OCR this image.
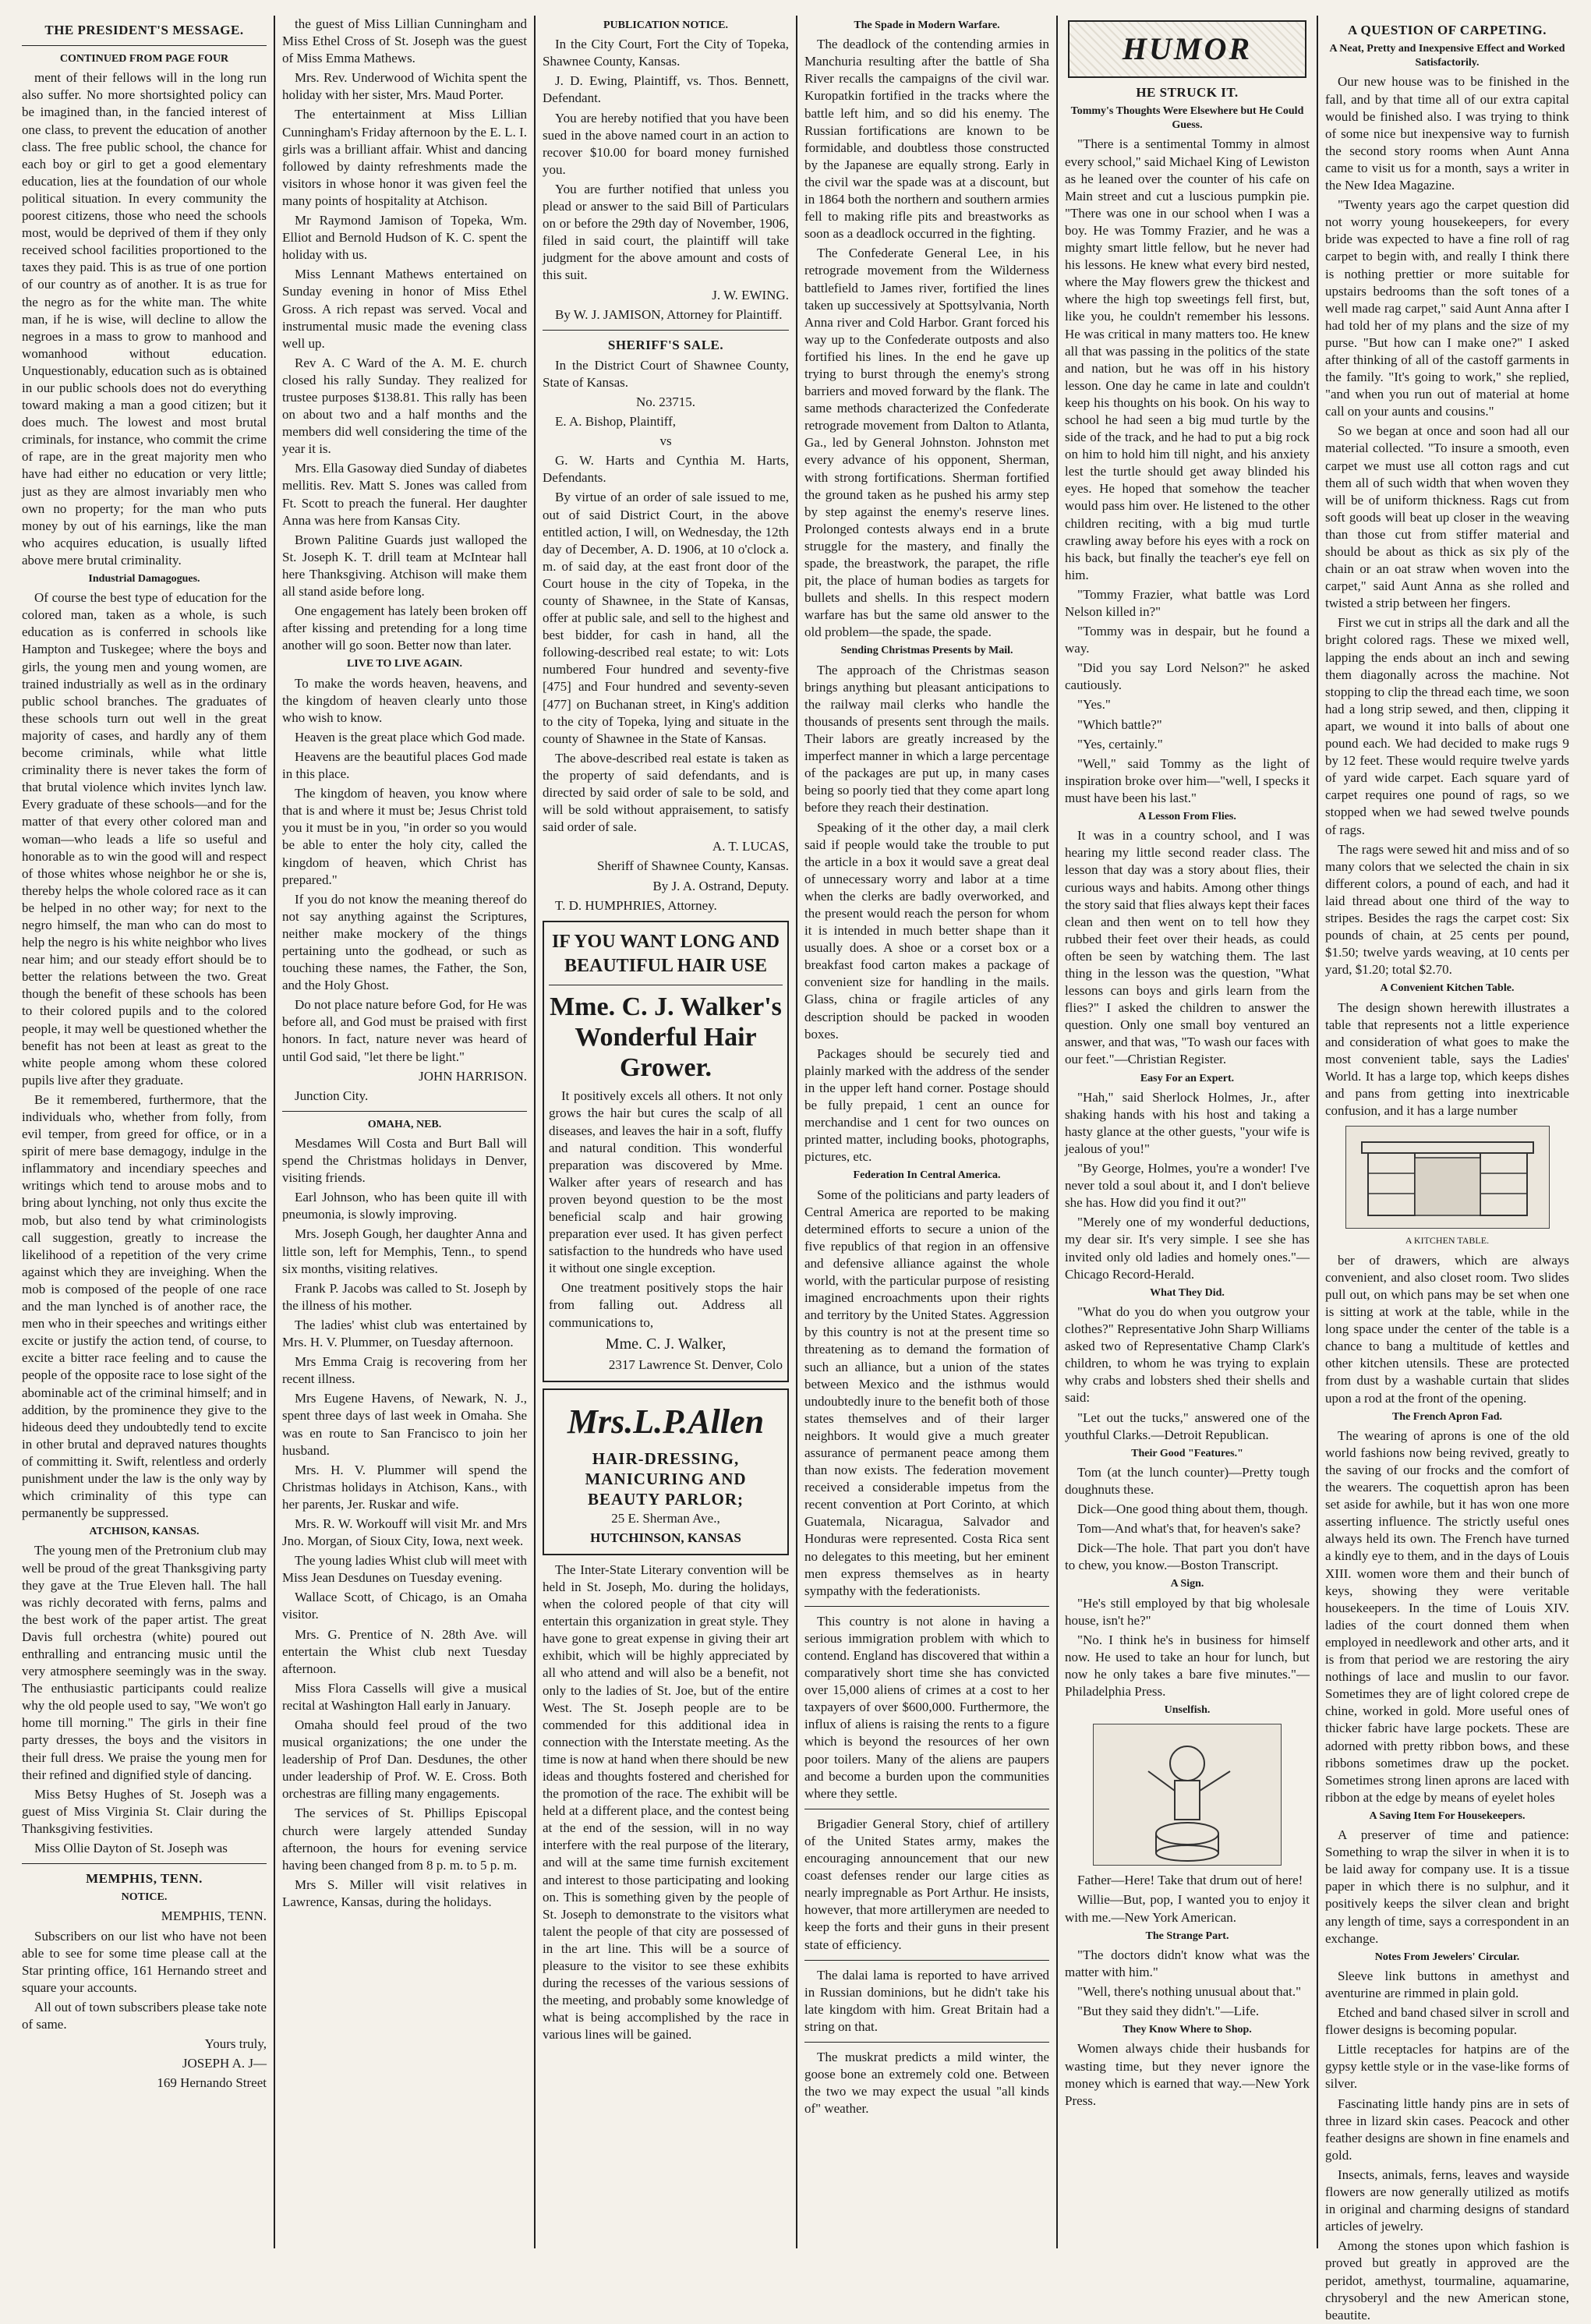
THE PRESIDENT'S MESSAGE.
CONTINUED FROM PAGE FOUR

ment of their fellows will in the long run also suffer. No more shortsighted policy can be imagined than, in the fancied interest of one class, to prevent the education of another class. The free public school, the chance for each boy or girl to get a good elementary education, lies at the foundation of our whole political situation. In every community the poorest citizens, those who need the schools most, would be deprived of them if they only received school facilities proportioned to the taxes they paid. This is as true of one portion of our country as of another. It is as true for the negro as for the white man. The white man, if he is wise, will decline to allow the negroes in a mass to grow to manhood and womanhood without education. Unquestionably, education such as is obtained in our public schools does not do everything toward making a man a good citizen; but it does much. The lowest and most brutal criminals, for instance, who commit the crime of rape, are in the great majority men who have had either no education or very little; just as they are almost invariably men who own no property; for the man who puts money by out of his earnings, like the man who acquires education, is usually lifted above mere brutal criminality.

Industrial Damagogues.

Of course the best type of education for the colored man, taken as a whole, is such education as is conferred in schools like Hampton and Tuskegee; where the boys and girls, the young men and young women, are trained industrially as well as in the ordinary public school branches. The graduates of these schools turn out well in the great majority of cases, and hardly any of them become criminals, while what little criminality there is never takes the form of that brutal violence which invites lynch law. Every graduate of these schools—and for the matter of that every other colored man and woman—who leads a life so useful and honorable as to win the good will and respect of those whites whose neighbor he or she is, thereby helps the whole colored race as it can be helped in no other way; for next to the negro himself, the man who can do most to help the negro is his white neighbor who lives near him; and our steady effort should be to better the relations between the two. Great though the benefit of these schools has been to their colored pupils and to the colored people, it may well be questioned whether the benefit has not been at least as great to the white people among whom these colored pupils live after they graduate.

Be it remembered, furthermore, that the individuals who, whether from folly, from evil temper, from greed for office, or in a spirit of mere base demagogy, indulge in the inflammatory and incendiary speeches and writings which tend to arouse mobs and to bring about lynching, not only thus excite the mob, but also tend by what criminologists call suggestion, greatly to increase the likelihood of a repetition of the very crime against which they are inveighing. When the mob is composed of the people of one race and the man lynched is of another race, the men who in their speeches and writings either excite or justify the action tend, of course, to excite a bitter race feeling and to cause the people of the opposite race to lose sight of the abominable act of the criminal himself; and in addition, by the prominence they give to the hideous deed they undoubtedly tend to excite in other brutal and depraved natures thoughts of committing it. Swift, relentless and orderly punishment under the law is the only way by which criminality of this type can permanently be suppressed.

ATCHISON, KANSAS.

The young men of the Pretronium club may well be proud of the great Thanksgiving party they gave at the True Eleven hall. The hall was richly decorated with ferns, palms and the best work of the paper artist. The great Davis full orchestra (white) poured out enthralling and entrancing music until the very atmosphere seemingly was in the sway. The enthusiastic participants could realize why the old people used to say, "We won't go home till morning." The girls in their fine party dresses, the boys and the visitors in their full dress. We praise the young men for their refined and dignified style of dancing.

Miss Betsy Hughes of St. Joseph was a guest of Miss Virginia St. Clair during the Thanksgiving festivities.

Miss Ollie Dayton of St. Joseph was

MEMPHIS, TENN.
NOTICE.

MEMPHIS, TENN.

Subscribers on our list who have not been able to see for some time please call at the Star printing office, 161 Hernando street and square your accounts.

All out of town subscribers please take note of same.

Yours truly,

JOSEPH A. J—

169 Hernando Street

the guest of Miss Lillian Cunningham and Miss Ethel Cross of St. Joseph was the guest of Miss Emma Mathews.

Mrs. Rev. Underwood of Wichita spent the holiday with her sister, Mrs. Maud Porter.

The entertainment at Miss Lillian Cunningham's Friday afternoon by the E. L. I. girls was a brilliant affair. Whist and dancing followed by dainty refreshments made the visitors in whose honor it was given feel the many points of hospitality at Atchison.

Mr Raymond Jamison of Topeka, Wm. Elliot and Bernold Hudson of K. C. spent the holiday with us.

Miss Lennant Mathews entertained on Sunday evening in honor of Miss Ethel Gross. A rich repast was served. Vocal and instrumental music made the evening class well up.

Rev A. C Ward of the A. M. E. church closed his rally Sunday. They realized for trustee purposes $138.81. This rally has been on about two and a half months and the members did well considering the time of the year it is.

Mrs. Ella Gasoway died Sunday of diabetes mellitis. Rev. Matt S. Jones was called from Ft. Scott to preach the funeral. Her daughter Anna was here from Kansas City.

Brown Palitine Guards just walloped the St. Joseph K. T. drill team at McIntear hall here Thanksgiving. Atchison will make them all stand aside before long.

One engagement has lately been broken off after kissing and pretending for a long time another will go soon. Better now than later.

LIVE TO LIVE AGAIN.

To make the words heaven, heavens, and the kingdom of heaven clearly unto those who wish to know.

Heaven is the great place which God made.

Heavens are the beautiful places God made in this place.

The kingdom of heaven, you know where that is and where it must be; Jesus Christ told you it must be in you, "in order so you would be able to enter the holy city, called the kingdom of heaven, which Christ has prepared."

If you do not know the meaning thereof do not say anything against the Scriptures, neither make mockery of the things pertaining unto the godhead, or such as touching these names, the Father, the Son, and the Holy Ghost.

Do not place nature before God, for He was before all, and God must be praised with first honors. In fact, nature never was heard of until God said, "let there be light."

JOHN HARRISON.

Junction City.

OMAHA, NEB.

Mesdames Will Costa and Burt Ball will spend the Christmas holidays in Denver, visiting friends.

Earl Johnson, who has been quite ill with pneumonia, is slowly improving.

Mrs. Joseph Gough, her daughter Anna and little son, left for Memphis, Tenn., to spend six months, visiting relatives.

Frank P. Jacobs was called to St. Joseph by the illness of his mother.

The ladies' whist club was entertained by Mrs. H. V. Plummer, on Tuesday afternoon.

Mrs Emma Craig is recovering from her recent illness.

Mrs Eugene Havens, of Newark, N. J., spent three days of last week in Omaha. She was en route to San Francisco to join her husband.

Mrs. H. V. Plummer will spend the Christmas holidays in Atchison, Kans., with her parents, Jer. Ruskar and wife.

Mrs. R. W. Workouff will visit Mr. and Mrs Jno. Morgan, of Sioux City, Iowa, next week.

The young ladies Whist club will meet with Miss Jean Desdunes on Tuesday evening.

Wallace Scott, of Chicago, is an Omaha visitor.

Mrs. G. Prentice of N. 28th Ave. will entertain the Whist club next Tuesday afternoon.

Miss Flora Cassells will give a musical recital at Washington Hall early in January.

Omaha should feel proud of the two musical organizations; the one under the leadership of Prof Dan. Desdunes, the other under leadership of Prof. W. E. Cross. Both orchestras are filling many engagements.

The services of St. Phillips Episcopal church were largely attended Sunday afternoon, the hours for evening service having been changed from 8 p. m. to 5 p. m.

Mrs S. Miller will visit relatives in Lawrence, Kansas, during the holidays.

PUBLICATION NOTICE.

In the City Court, Fort the City of Topeka, Shawnee County, Kansas.

J. D. Ewing, Plaintiff, vs. Thos. Bennett, Defendant.

You are hereby notified that you have been sued in the above named court in an action to recover $10.00 for board money furnished you.

You are further notified that unless you plead or answer to the said Bill of Particulars on or before the 29th day of November, 1906, filed in said court, the plaintiff will take judgment for the above amount and costs of this suit.

J. W. EWING.

By W. J. JAMISON, Attorney for Plaintiff.

SHERIFF'S SALE.

In the District Court of Shawnee County, State of Kansas.

No. 23715.

E. A. Bishop, Plaintiff,

vs

G. W. Harts and Cynthia M. Harts, Defendants.

By virtue of an order of sale issued to me, out of said District Court, in the above entitled action, I will, on Wednesday, the 12th day of December, A. D. 1906, at 10 o'clock a. m. of said day, at the east front door of the Court house in the city of Topeka, in the county of Shawnee, in the State of Kansas, offer at public sale, and sell to the highest and best bidder, for cash in hand, all the following-described real estate; to wit: Lots numbered Four hundred and seventy-five [475] and Four hundred and seventy-seven [477] on Buchanan street, in King's addition to the city of Topeka, lying and situate in the county of Shawnee in the State of Kansas.

The above-described real estate is taken as the property of said defendants, and is directed by said order of sale to be sold, and will be sold without appraisement, to satisfy said order of sale.

A. T. LUCAS,

Sheriff of Shawnee County, Kansas.

By J. A. Ostrand, Deputy.

T. D. HUMPHRIES, Attorney.

IF YOU WANT LONG AND BEAUTIFUL HAIR USE
Mme. C. J. Walker's Wonderful Hair Grower.

It positively excels all others. It not only grows the hair but cures the scalp of all diseases, and leaves the hair in a soft, fluffy and natural condition. This wonderful preparation was discovered by Mme. Walker after years of research and has proven beyond question to be the most beneficial scalp and hair growing preparation ever used. It has given perfect satisfaction to the hundreds who have used it without one single exception.

One treatment positively stops the hair from falling out. Address all communications to,

Mme. C. J. Walker,

2317 Lawrence St. Denver, Colo

Mrs.L.P.Allen
HAIR-DRESSING, MANICURING AND BEAUTY PARLOR;

25 E. Sherman Ave.,

HUTCHINSON, KANSAS

The Inter-State Literary convention will be held in St. Joseph, Mo. during the holidays, when the colored people of that city will entertain this organization in great style. They have gone to great expense in giving their art exhibit, which will be highly appreciated by all who attend and will also be a benefit, not only to the ladies of St. Joe, but of the entire West. The St. Joseph people are to be commended for this additional idea in connection with the Interstate meeting. As the time is now at hand when there should be new ideas and thoughts fostered and cherished for the promotion of the race. The exhibit will be held at a different place, and the contest being at the end of the session, will in no way interfere with the real purpose of the literary, and will at the same time furnish excitement and interest to those participating and looking on. This is something given by the people of St. Joseph to demonstrate to the visitors what talent the people of that city are possessed of in the art line. This will be a source of pleasure to the visitor to see these exhibits during the recesses of the various sessions of the meeting, and probably some knowledge of what is being accomplished by the race in various lines will be gained.

The Spade in Modern Warfare.

The deadlock of the contending armies in Manchuria resulting after the battle of Sha River recalls the campaigns of the civil war. Kuropatkin fortified in the tracks where the battle left him, and so did his enemy. The Russian fortifications are known to be formidable, and doubtless those constructed by the Japanese are equally strong. Early in the civil war the spade was at a discount, but in 1864 both the northern and southern armies fell to making rifle pits and breastworks as soon as a deadlock occurred in the fighting.

The Confederate General Lee, in his retrograde movement from the Wilderness battlefield to James river, fortified the lines taken up successively at Spottsylvania, North Anna river and Cold Harbor. Grant forced his way up to the Confederate outposts and also fortified his lines. In the end he gave up trying to burst through the enemy's strong barriers and moved forward by the flank. The same methods characterized the Confederate retrograde movement from Dalton to Atlanta, Ga., led by General Johnston. Johnston met every advance of his opponent, Sherman, with strong fortifications. Sherman fortified the ground taken as he pushed his army step by step against the enemy's reserve lines. Prolonged contests always end in a brute struggle for the mastery, and finally the spade, the breastwork, the parapet, the rifle pit, the place of human bodies as targets for bullets and shells. In this respect modern warfare has but the same old answer to the old problem—the spade, the spade.

Sending Christmas Presents by Mail.

The approach of the Christmas season brings anything but pleasant anticipations to the railway mail clerks who handle the thousands of presents sent through the mails. Their labors are greatly increased by the imperfect manner in which a large percentage of the packages are put up, in many cases being so poorly tied that they come apart long before they reach their destination.

Speaking of it the other day, a mail clerk said if people would take the trouble to put the article in a box it would save a great deal of unnecessary worry and labor at a time when the clerks are badly overworked, and the present would reach the person for whom it is intended in much better shape than it usually does. A shoe or a corset box or a breakfast food carton makes a package of convenient size for handling in the mails. Glass, china or fragile articles of any description should be packed in wooden boxes.

Packages should be securely tied and plainly marked with the address of the sender in the upper left hand corner. Postage should be fully prepaid, 1 cent an ounce for merchandise and 1 cent for two ounces on printed matter, including books, photographs, pictures, etc.

Federation In Central America.

Some of the politicians and party leaders of Central America are reported to be making determined efforts to secure a union of the five republics of that region in an offensive and defensive alliance against the whole world, with the particular purpose of resisting imagined encroachments upon their rights and territory by the United States. Aggression by this country is not at the present time so threatening as to demand the formation of such an alliance, but a union of the states between Mexico and the isthmus would undoubtedly inure to the benefit both of those states themselves and of their larger neighbors. It would give a much greater assurance of permanent peace among them than now exists. The federation movement received a considerable impetus from the recent convention at Port Corinto, at which Guatemala, Nicaragua, Salvador and Honduras were represented. Costa Rica sent no delegates to this meeting, but her eminent men express themselves as in hearty sympathy with the federationists.

This country is not alone in having a serious immigration problem with which to contend. England has discovered that within a comparatively short time she has convicted over 15,000 aliens of crimes at a cost to her taxpayers of over $600,000. Furthermore, the influx of aliens is raising the rents to a figure which is beyond the resources of her own poor toilers. Many of the aliens are paupers and become a burden upon the communities where they settle.

Brigadier General Story, chief of artillery of the United States army, makes the encouraging announcement that our new coast defenses render our large cities as nearly impregnable as Port Arthur. He insists, however, that more artillerymen are needed to keep the forts and their guns in their present state of efficiency.

The dalai lama is reported to have arrived in Russian dominions, but he didn't take his late kingdom with him. Great Britain had a string on that.

The muskrat predicts a mild winter, the goose bone an extremely cold one. Between the two we may expect the usual "all kinds of" weather.

HUMOR
HE STRUCK IT.
Tommy's Thoughts Were Elsewhere but He Could Guess.

"There is a sentimental Tommy in almost every school," said Michael King of Lewiston as he leaned over the counter of his cafe on Main street and cut a luscious pumpkin pie. "There was one in our school when I was a boy. He was Tommy Frazier, and he was a mighty smart little fellow, but he never had his lessons. He knew what every bird nested, where the May flowers grew the thickest and where the high top sweetings fell first, but, like you, he couldn't remember his lessons. He was critical in many matters too. He knew all that was passing in the politics of the state and nation, but he was off in his history lesson. One day he came in late and couldn't keep his thoughts on his book. On his way to school he had seen a big mud turtle by the side of the track, and he had to put a big rock on him to hold him till night, and his anxiety lest the turtle should get away blinded his eyes. He hoped that somehow the teacher would pass him over. He listened to the other children reciting, with a big mud turtle crawling away before his eyes with a rock on his back, but finally the teacher's eye fell on him.

"Tommy Frazier, what battle was Lord Nelson killed in?"

"Tommy was in despair, but he found a way.

"Did you say Lord Nelson?" he asked cautiously.

"Yes."

"Which battle?"

"Yes, certainly."

"Well," said Tommy as the light of inspiration broke over him—"well, I specks it must have been his last."

A Lesson From Flies.

It was in a country school, and I was hearing my little second reader class. The lesson that day was a story about flies, their curious ways and habits. Among other things the story said that flies always kept their faces clean and then went on to tell how they rubbed their feet over their heads, as could often be seen by watching them. The last thing in the lesson was the question, "What lessons can boys and girls learn from the flies?" I asked the children to answer the question. Only one small boy ventured an answer, and that was, "To wash our faces with our feet."—Christian Register.

Easy For an Expert.

"Hah," said Sherlock Holmes, Jr., after shaking hands with his host and taking a hasty glance at the other guests, "your wife is jealous of you!"

"By George, Holmes, you're a wonder! I've never told a soul about it, and I don't believe she has. How did you find it out?"

"Merely one of my wonderful deductions, my dear sir. It's very simple. I see she has invited only old ladies and homely ones."—Chicago Record-Herald.

What They Did.

"What do you do when you outgrow your clothes?" Representative John Sharp Williams asked two of Representative Champ Clark's children, to whom he was trying to explain why crabs and lobsters shed their shells and said:

"Let out the tucks," answered one of the youthful Clarks.—Detroit Republican.

Their Good "Features."

Tom (at the lunch counter)—Pretty tough doughnuts these.

Dick—One good thing about them, though.

Tom—And what's that, for heaven's sake?

Dick—The hole. That part you don't have to chew, you know.—Boston Transcript.

A Sign.

"He's still employed by that big wholesale house, isn't he?"

"No. I think he's in business for himself now. He used to take an hour for lunch, but now he only takes a bare five minutes."—Philadelphia Press.

Unselfish.

Father—Here! Take that drum out of here!

Willie—But, pop, I wanted you to enjoy it with me.—New York American.

The Strange Part.

"The doctors didn't know what was the matter with him."

"Well, there's nothing unusual about that."

"But they said they didn't."—Life.

They Know Where to Shop.

Women always chide their husbands for wasting time, but they never ignore the money which is earned that way.—New York Press.

A QUESTION OF CARPETING.
A Neat, Pretty and Inexpensive Effect and Worked Satisfactorily.

Our new house was to be finished in the fall, and by that time all of our extra capital would be finished also. I was trying to think of some nice but inexpensive way to furnish the second story rooms when Aunt Anna came to visit us for a month, says a writer in the New Idea Magazine.

"Twenty years ago the carpet question did not worry young housekeepers, for every bride was expected to have a fine roll of rag carpet to begin with, and really I think there is nothing prettier or more suitable for upstairs bedrooms than the soft tones of a well made rag carpet," said Aunt Anna after I had told her of my plans and the size of my purse. "But how can I make one?" I asked after thinking of all of the castoff garments in the family. "It's going to work," she replied, "and when you run out of material at home call on your aunts and cousins."

So we began at once and soon had all our material collected. "To insure a smooth, even carpet we must use all cotton rags and cut them all of such width that when woven they will be of uniform thickness. Rags cut from soft goods will beat up closer in the weaving than those cut from stiffer material and should be about as thick as six ply of the chain or an oat straw when woven into the carpet," said Aunt Anna as she rolled and twisted a strip between her fingers.

First we cut in strips all the dark and all the bright colored rags. These we mixed well, lapping the ends about an inch and sewing them diagonally across the machine. Not stopping to clip the thread each time, we soon had a long strip sewed, and then, clipping it apart, we wound it into balls of about one pound each. We had decided to make rugs 9 by 12 feet. These would require twelve yards of yard wide carpet. Each square yard of carpet requires one pound of rags, so we stopped when we had sewed twelve pounds of rags.

The rags were sewed hit and miss and of so many colors that we selected the chain in six different colors, a pound of each, and had it laid thread about one third of the way to stripes. Besides the rags the carpet cost: Six pounds of chain, at 25 cents per pound, $1.50; twelve yards weaving, at 10 cents per yard, $1.20; total $2.70.

A Convenient Kitchen Table.

The design shown herewith illustrates a table that represents not a little experience and consideration of what goes to make the most convenient table, says the Ladies' World. It has a large top, which keeps dishes and pans from getting into inextricable confusion, and it has a large number

A KITCHEN TABLE.

ber of drawers, which are always convenient, and also closet room. Two slides pull out, on which pans may be set when one is sitting at work at the table, while in the long space under the center of the table is a chance to bang a multitude of kettles and other kitchen utensils. These are protected from dust by a washable curtain that slides upon a rod at the front of the opening.

The French Apron Fad.

The wearing of aprons is one of the old world fashions now being revived, greatly to the saving of our frocks and the comfort of the wearers. The coquettish apron has been set aside for awhile, but it has won one more asserting influence. The strictly useful ones always held its own. The French have turned a kindly eye to them, and in the days of Louis XIII. women wore them and their bunch of keys, showing they were veritable housekeepers. In the time of Louis XIV. ladies of the court donned them when employed in needlework and other arts, and it is from that period we are restoring the airy nothings of lace and muslin to our favor. Sometimes they are of light colored crepe de chine, worked in gold. More useful ones of thicker fabric have large pockets. These are adorned with pretty ribbon bows, and these ribbons sometimes draw up the pocket. Sometimes strong linen aprons are laced with ribbon at the edge by means of eyelet holes

A Saving Item For Housekeepers.

A preserver of time and patience: Something to wrap the silver in when it is to be laid away for company use. It is a tissue paper in which there is no sulphur, and it positively keeps the silver clean and bright any length of time, says a correspondent in an exchange.

Notes From Jewelers' Circular.

Sleeve link buttons in amethyst and aventurine are rimmed in plain gold.

Etched and band chased silver in scroll and flower designs is becoming popular.

Little receptacles for hatpins are of the gypsy kettle style or in the vase-like forms of silver.

Fascinating little handy pins are in sets of three in lizard skin cases. Peacock and other feather designs are shown in fine enamels and gold.

Insects, animals, ferns, leaves and wayside flowers are now generally utilized as motifs in original and charming designs of standard articles of jewelry.

Among the stones upon which fashion is proved but greatly in approved are the peridot, amethyst, tourmaline, aquamarine, chrysoberyl and the new American stone, beautite.
